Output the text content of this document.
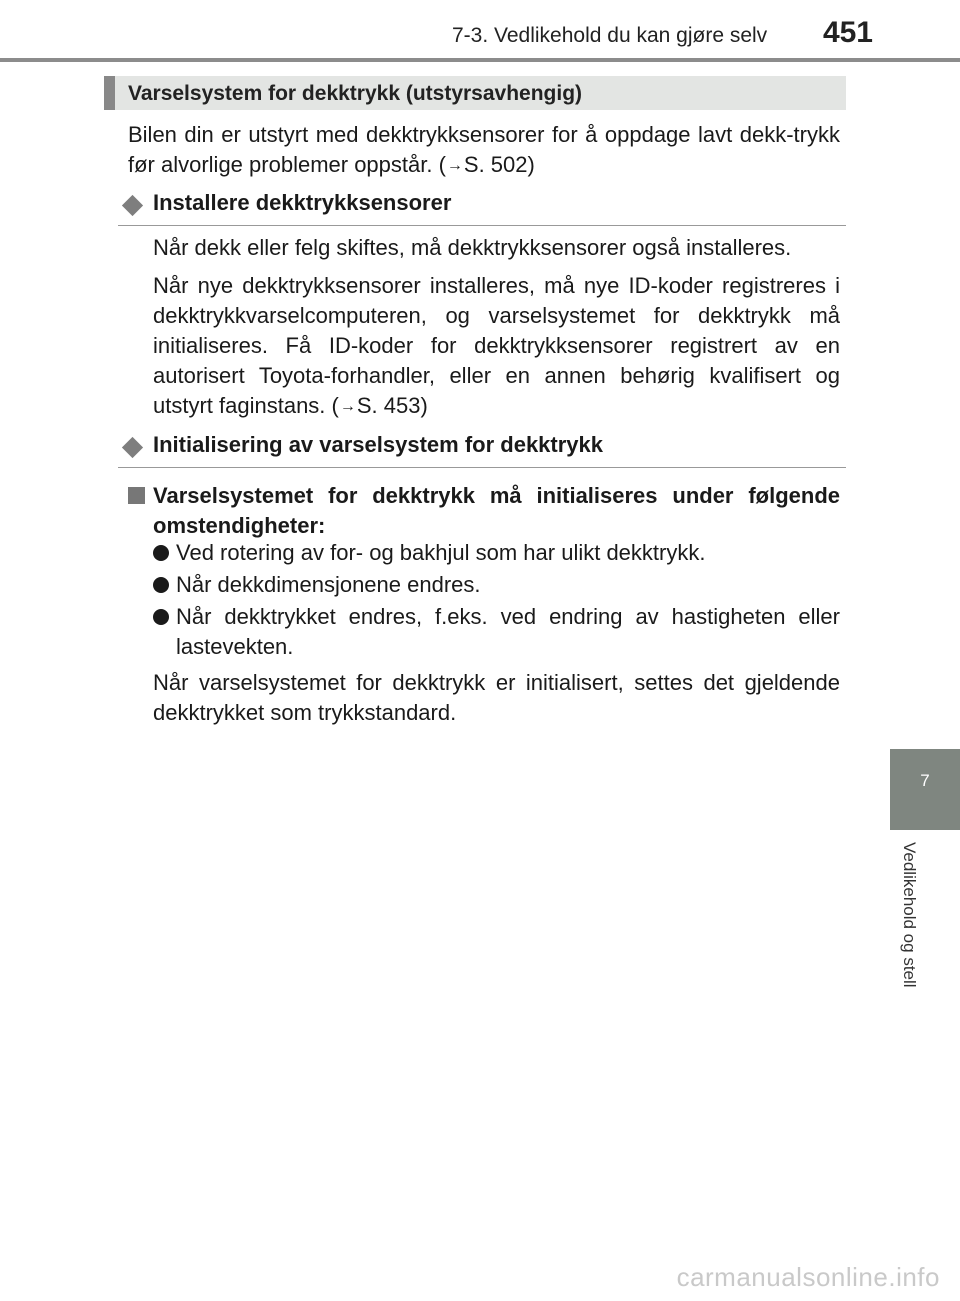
7-3. Vedlikehold du kan gjøre selv 451
Varselsystem for dekktrykk (utstyrsavhengig)

Bilen din er utstyrt med dekktrykksensorer for å oppdage lavt dekk-trykk før alvorlige problemer oppstår. (→S. 502)

Installere dekktrykksensorer

Når dekk eller felg skiftes, må dekktrykksensorer også installeres.

Når nye dekktrykksensorer installeres, må nye ID-koder registreres i dekktrykkvarselcomputeren, og varselsystemet for dekktrykk må initialiseres. Få ID-koder for dekktrykksensorer registrert av en autorisert Toyota-forhandler, eller en annen behørig kvalifisert og utstyrt faginstans. (→S. 453)

Initialisering av varselsystem for dekktrykk

Varselsystemet for dekktrykk må initialiseres under følgende omstendigheter:

Ved rotering av for- og bakhjul som har ulikt dekktrykk.

Når dekkdimensjonene endres.

Når dekktrykket endres, f.eks. ved endring av hastigheten eller lastevekten.

Når varselsystemet for dekktrykk er initialisert, settes det gjeldende dekktrykket som trykkstandard.

7
Vedlikehold og stell
carmanualsonline.info
